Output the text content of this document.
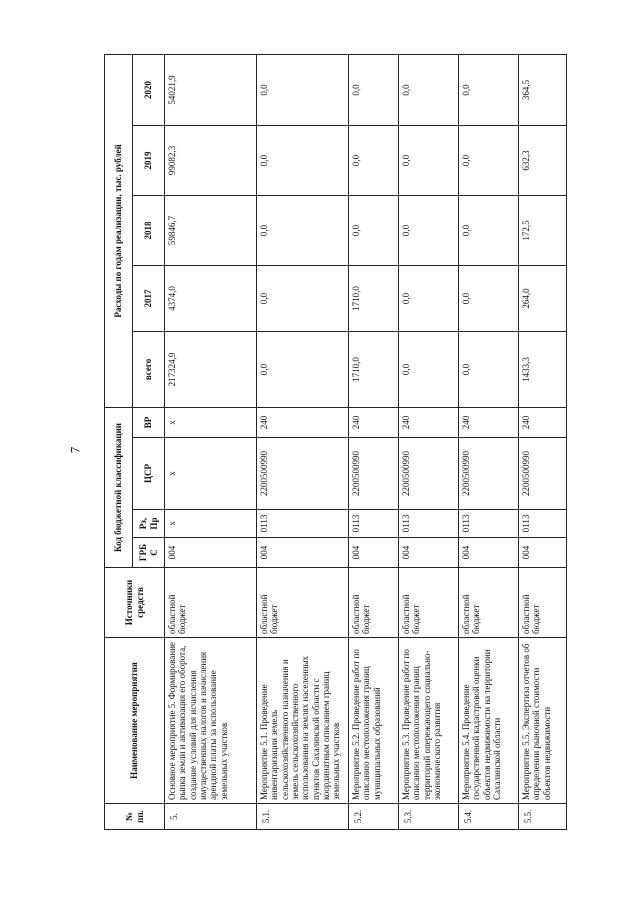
7
№ пп.	Наименование мероприятия	Источники средств	Код бюджетной классификации				Расходы по годам реализации, тыс. рублей				
			ГРБ С	Рз, Пр	ЦСР	ВР	всего	2017	2018	2019	2020
5.	Основное мероприятие 5. Формирование рынка земли и активизация его оборота, создание условий для исчисления имущественных налогов и начисления арендной платы за использование земельных участков	областной бюджет	004	х	х	х	217324,9	4374,0	59846,7	99082,3	54021,9
5.1.	Мероприятие 5.1. Проведение инвентаризации земель сельскохозяйственного назначения и земель сельскохозяйственного использования на землях населенных пунктов Сахалинской области с координатным описанием границ земельных участков	областной бюджет	004	0113	2200500990	240	0,0	0,0	0,0	0,0	0,0
5.2.	Мероприятие 5.2. Проведение работ по описанию местоположения границ муниципальных образований	областной бюджет	004	0113	2200500990	240	1710,0	1710,0	0,0	0,0	0,0
5.3.	Мероприятие 5.3. Проведение работ по описанию местоположения границ территорий опережающего социально-экономического развития	областной бюджет	004	0113	2200500990	240	0,0	0,0	0,0	0,0	0,0
5.4.	Мероприятие 5.4. Проведение государственной кадастровой оценки объектов недвижимости на территории Сахалинской области	областной бюджет	004	0113	2200500990	240	0,0	0,0	0,0	0,0	0,0
5.5.	Мероприятие 5.5. Экспертиза отчетов об определении рыночной стоимости объектов недвижимости	областной бюджет	004	0113	2200500990	240	1433,3	264,0	172,5	632,3	364,5
